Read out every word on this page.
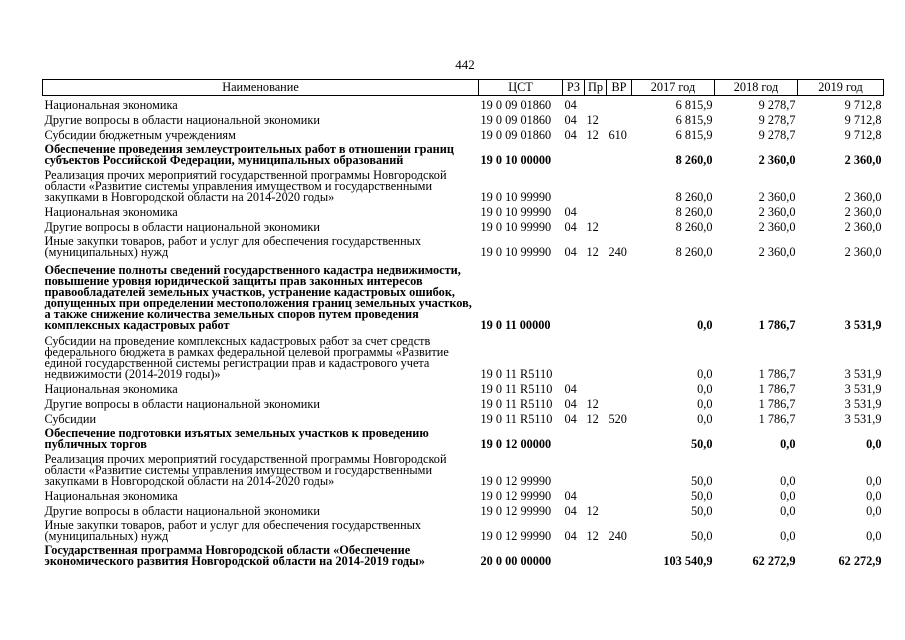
442
Наименование	ЦСТ	РЗ	Пр	ВР	2017 год	2018 год	2019 год
Национальная экономика	19 0 09 01860	04			6 815,9	9 278,7	9 712,8
Другие вопросы в области национальной экономики	19 0 09 01860	04	12		6 815,9	9 278,7	9 712,8
Субсидии бюджетным учреждениям	19 0 09 01860	04	12	610	6 815,9	9 278,7	9 712,8
Обеспечение проведения землеустроительных работ в отношении границ субъектов Российской Федерации, муниципальных образований	19 0 10 00000				8 260,0	2 360,0	2 360,0
Реализация прочих мероприятий государственной программы Новгородской области «Развитие системы управления имуществом и государственными закупками в Новгородской области на 2014-2020 годы»	19 0 10 99990				8 260,0	2 360,0	2 360,0
Национальная экономика	19 0 10 99990	04			8 260,0	2 360,0	2 360,0
Другие вопросы в области национальной экономики	19 0 10 99990	04	12		8 260,0	2 360,0	2 360,0
Иные закупки товаров, работ и услуг для обеспечения государственных (муниципальных) нужд	19 0 10 99990	04	12	240	8 260,0	2 360,0	2 360,0
Обеспечение полноты сведений государственного кадастра недвижимости, повышение уровня юридической защиты прав законных интересов правообладателей земельных участков, устранение кадастровых ошибок, допущенных при определении местоположения границ земельных участков, а также снижение количества земельных споров путем проведения комплексных кадастровых работ	19 0 11 00000				0,0	1 786,7	3 531,9
Субсидии на проведение комплексных кадастровых работ за счет средств федерального бюджета в рамках федеральной целевой программы «Развитие единой государственной системы регистрации прав и кадастрового учета недвижимости (2014-2019 годы)»	19 0 11 R5110				0,0	1 786,7	3 531,9
Национальная экономика	19 0 11 R5110	04			0,0	1 786,7	3 531,9
Другие вопросы в области национальной экономики	19 0 11 R5110	04	12		0,0	1 786,7	3 531,9
Субсидии	19 0 11 R5110	04	12	520	0,0	1 786,7	3 531,9
Обеспечение подготовки изъятых земельных участков к проведению публичных торгов	19 0 12 00000				50,0	0,0	0,0
Реализация прочих мероприятий государственной программы Новгородской области «Развитие системы управления имуществом и государственными закупками в Новгородской области на 2014-2020 годы»	19 0 12 99990				50,0	0,0	0,0
Национальная экономика	19 0 12 99990	04			50,0	0,0	0,0
Другие вопросы в области национальной экономики	19 0 12 99990	04	12		50,0	0,0	0,0
Иные закупки товаров, работ и услуг для обеспечения государственных (муниципальных) нужд	19 0 12 99990	04	12	240	50,0	0,0	0,0
Государственная программа Новгородской области «Обеспечение экономического развития Новгородской области на 2014-2019 годы»	20 0 00 00000				103 540,9	62 272,9	62 272,9
